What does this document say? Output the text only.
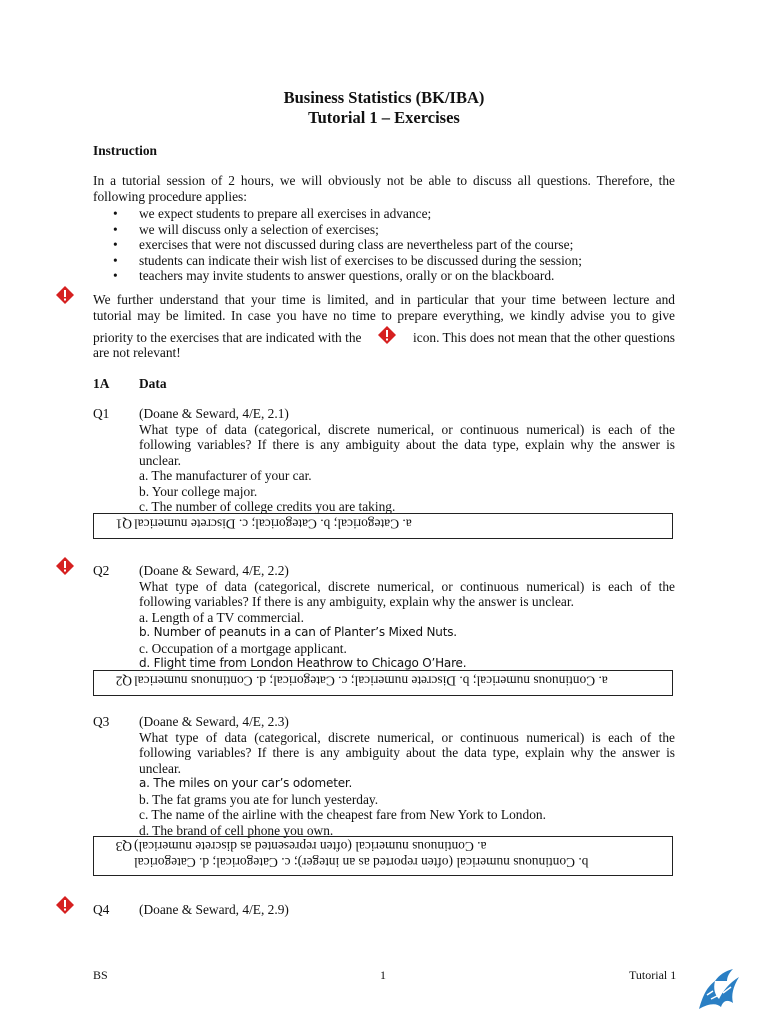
Business Statistics (BK/IBA)
Tutorial 1 – Exercises
Instruction
In a tutorial session of 2 hours, we will obviously not be able to discuss all questions. Therefore, the
following procedure applies:
• we expect students to prepare all exercises in advance;
• we will discuss only a selection of exercises;
• exercises that were not discussed during class are nevertheless part of the course;
• students can indicate their wish list of exercises to be discussed during the session;
• teachers may invite students to answer questions, orally or on the blackboard.
We further understand that your time is limited, and in particular that your time between lecture and
tutorial may be limited. In case you have no time to prepare everything, we kindly advise you to give
priority to the exercises that are indicated with the	icon. This does not mean that the other questions
are not relevant!
1A Data
Q1 (Doane & Seward, 4/E, 2.1)
What type of data (categorical, discrete numerical, or continuous numerical) is each of the
following variables? If there is any ambiguity about the data type, explain why the answer is
unclear.
a. The manufacturer of your car.
b. Your college major.
c. The number of college credits you are taking.
Q1 a. Categorical; b. Categorical; c. Discrete numerical
Q2 (Doane & Seward, 4/E, 2.2)
What type of data (categorical, discrete numerical, or continuous numerical) is each of the
following variables? If there is any ambiguity, explain why the answer is unclear.
a. Length of a TV commercial.
b. Number of peanuts in a can of Planter’s Mixed Nuts.
c. Occupation of a mortgage applicant.
d. Flight time from London Heathrow to Chicago O’Hare.
Q2 a. Continuous numerical; b. Discrete numerical; c. Categorical; d. Continuous numerical
Q3 (Doane & Seward, 4/E, 2.3)
What type of data (categorical, discrete numerical, or continuous numerical) is each of the
following variables? If there is any ambiguity about the data type, explain why the answer is
unclear.
a. The miles on your car’s odometer.
b. The fat grams you ate for lunch yesterday.
c. The name of the airline with the cheapest fare from New York to London.
d. The brand of cell phone you own.
b. Continuous numerical (often reported as an integer); c. Categorical; d. Categorical
Q3 a. Continuous numerical (often represented as discrete numerical)
Q4 (Doane & Seward, 4/E, 2.9)
BS	1	Tutorial 1
